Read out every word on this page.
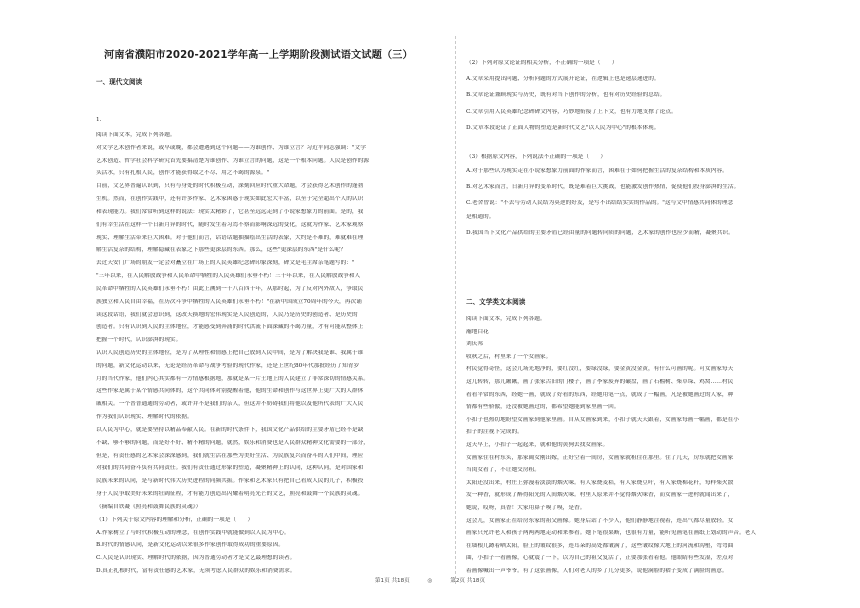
河南省濮阳市2020-2021学年高一上学期阶段测试语文试题（三）
一、现代文阅读
1.
阅读下面文本，完成下列各题。
对文学艺术创作者来说，或早或晚，都会遭遇到这个问题——为谁创作、为谁立言？习近平同志强调："文学
艺术创造、哲学社会科学研究首先要搞清楚为谁创作、为谁立言的问题，这是一个根本问题。人民是创作的源
头活水，只有扎根人民，创作才能获得取之不尽、用之不竭的源泉。"
目前，文艺界普遍认识到，只有与身处的时代积极互动，深刻回应时代重大命题，才会获得艺术创作的蓬勃
生机。然而，在创作实践中，还有许多作家、艺术家困惑于现实如此宏大丰富，以至于完全超出个人的认识
和表现能力。我们常常听到这样的说法：现实太精彩了，它甚至远远走到了小说家想象力的前面。是的，我
们有幸生活在这样一个日新月异的时代，随时发生着习焉不察而影响深远的变化，这就为作家、艺术家观察
现实、理解生活带来巨大困难。对于他们而言，话语话题抽描绘出生活的表象，大约是不难的，难就难在理
解生活复杂的结构，理解隐藏在表象之下那些更深层的东西。那么，这些"更深层的东西"是什么呢？
去过天安门广场的朋友一定会对矗立在广场上的人民英雄纪念碑印象深刻，碑文是毛主席亲笔题写的："
"三年以来，在人民解放战争和人民革命中牺牲的人民英雄们永垂不朽！三十年以来，在人民解放战争和人
民革命中牺牲的人民英雄们永垂不朽！由此上溯到一千八百四十年，从那时起，为了反对内外敌人，争取民
族独立和人民自由幸福，在历次斗争中牺牲的人民英雄们永垂不朽！"在新中国成立70周年的今天，再次诵
读这段话语，我们就会意识到，这改天换地的宏伟现实是人民创造的，人民乃是历史的创造者、是历史的
创造者。只有认识到人民的主体地位，才能感受到奔涌的时代洪流下面深藏的不竭力量，才有可能从整体上
把握一个时代，认识澎湃的现实。
认识人民创造历史的主体地位，是为了从理性和情感上把自己放到人民中间，是为了解决我是谁、我属于谁
的问题，新文化运动以来，无论是经历革命与战争考验的现代作家，还是上世纪80年代那批经历了知青岁
月的当代作家，他们内心其实都有一方情感根据地，那就是某一片土地上的人民建立了非常深切的情感关系。
这些作家是属于某个情感共同体的，这个共同体对别提醒着他，他的生命和创作与这世界上更广大的人群休
戚相关。一个普普通通的劳动者，或许并不是我们的亲人，但这并不妨碍我们将他以及他所代表的广大人民
作为我们认识现实、理解时代的依据。
以人民为中心，就是要坚持以精品奉献人民。在新的时代条件下，我国文化产品供给的主要矛盾已经不是缺
不缺、够不够的问题，而是好不好、精不精的问题，就然，娱乐和消费也是人民群众精神文化需要的一部分，
但是，有责任感的艺术家会深深感到，我们就生活在那些为美好生活、为民族复兴而奋斗的人们中间，理应
对我们的共同奋斗负有共同责任。我们有责任通过形象的塑造，凝聚精神上的认同，这种认同，是对国家和
民族未来的认同，是与新时代伟大历史进程的同频共振。作家和艺术家只有把自己看成人民的儿子，积极投
身于人民争取美好未来的壮阔征程，才有能力创造出闪耀着明亮光芒的文艺，照亮和鼓舞一个民族的灵魂。
（摘编自铁凝《照亮和鼓舞民族的灵魂》）
（1）下列关于原文内容的理解和分析，正确的一项是（　　）
A.作家树立了与时代积极互动的理念，在创作实践中就能做到以人民为中心。
B.时代的情感认同，是新文化运动以来很多作家创作取得成功的重要原因。
C.人民是认识现实、理解时代的依据，因为普通劳动者才是文艺最理想的读者。
D.真正扎根时代，富有责任感的艺术家，无须考虑人民群众的娱乐和消费需求。
（2）下列对原文论证的相关分析，不正确的一项是（　　）
A.文章采用提出问题、分析问题的方式展开论证，在逻辑上也是递层递进的。
B.文章论证兼顾现实与历史，既有对当下创作的分析，也有对历史经验的总结。
C.文章引用人民英雄纪念碑碑文内容，巧妙地衔接了上下文，也有力地支撑了论点。
D.文章本段论证了正面人物的塑造是新时代文艺"以人民为中心"的根本体现。
（3）根据原文内容，下列说法不正确的一项是（　　）
A.对于那些认为现实走在小说家想象力前面的作家而言，困难在于如何把握生活的复杂结构和本质内容。
B.对艺术家而言，日新月异的变革时代，既是难着巨大挑战，也能激发创作热情，促使他们投身澎湃的生活。
C.老舍曾说："不去与劳动人民结为莫逆的好友，是写不出结结实实的作品的。"这与文中情感共同体的理念
是相通的。
D.我国当下文化产品供给的主要矛盾已经由量的问题转向质的问题，艺术家的创作也应少而精，凝聚共识。
阅读下面文本，完成下列各题。
瀚地白花
刘庆邦
收秋之后，村里来了一个女画家。
村民觉得奇怪，这会儿场光地净的，要红没红，要绿没绿，要金黄没金黄，有什么可画的呢。可女画家每天
这儿转转，那儿瞅瞅，画了张家古旧的门楼子，画了李家废弃的碾盘，画了石榴树、柴草垛、鸡窝……村民
看看平常的东西，经她一画，就成了好看的东西，经她用笔一点，就成了一幅画，凡是被她画过的人家，种
情都有些骄傲，还没被她画过的，都希望她能到家里画一回。
小扣子也热切地盼望女画家到他家里画。自从女画家到来，小扣子就天天跟着，女画家每画一幅画，都是在小
扣子的注视下完成的。
这天早上，小扣子一起起来，就和他的黄狗去找女画家。
女画家住在村东头，那家阔女刚出嫁，正好空着一间房，女画家就租住在那里。住了几天，房东就把女画家
当闺女看了，不让她交房租。
太阳还没出来，村庄上弥漫着淡淡的烟火味。有人家烧麦秸，有人家烧豆叶，有人家烧棉花秆，每样柴火散
发一种香，就形成了醉得阳光的人间烟火味。村里人原来并不觉得烟火味香，而女画家一进村就闻出来了，
她说，哎呀，真香！大家用鼻子嗅了嗅，是香。
这会儿，女画家正在给房东家的祖父画像。她身后站了不少人，他们静静地注视着，连出气都尽量放轻。女
画家只允许老人和孩子两两两地走动和来参看。她下笔很果断，也很有力量，能听见画笔在画纸上划动的声音。老人
在墙根儿蹲着晒太阳，脸上的皱纹很多，连耳朵的高处都皱满了，这些皱纹像大地上的河流和沟壑，弯弯曲
曲，小扣子一看画像，心就震了一下，以为自己的祖父复活了，正要那张看着他。他眼睛有些发湿，差点对
着画像喊出一声爷爷。有了这张画像，人们对老人的乡了几分更多，说他满脸的褶子变成了满脸的画意。
二、文学类文本阅读
第1页 共18页	◎	第2页 共18页
